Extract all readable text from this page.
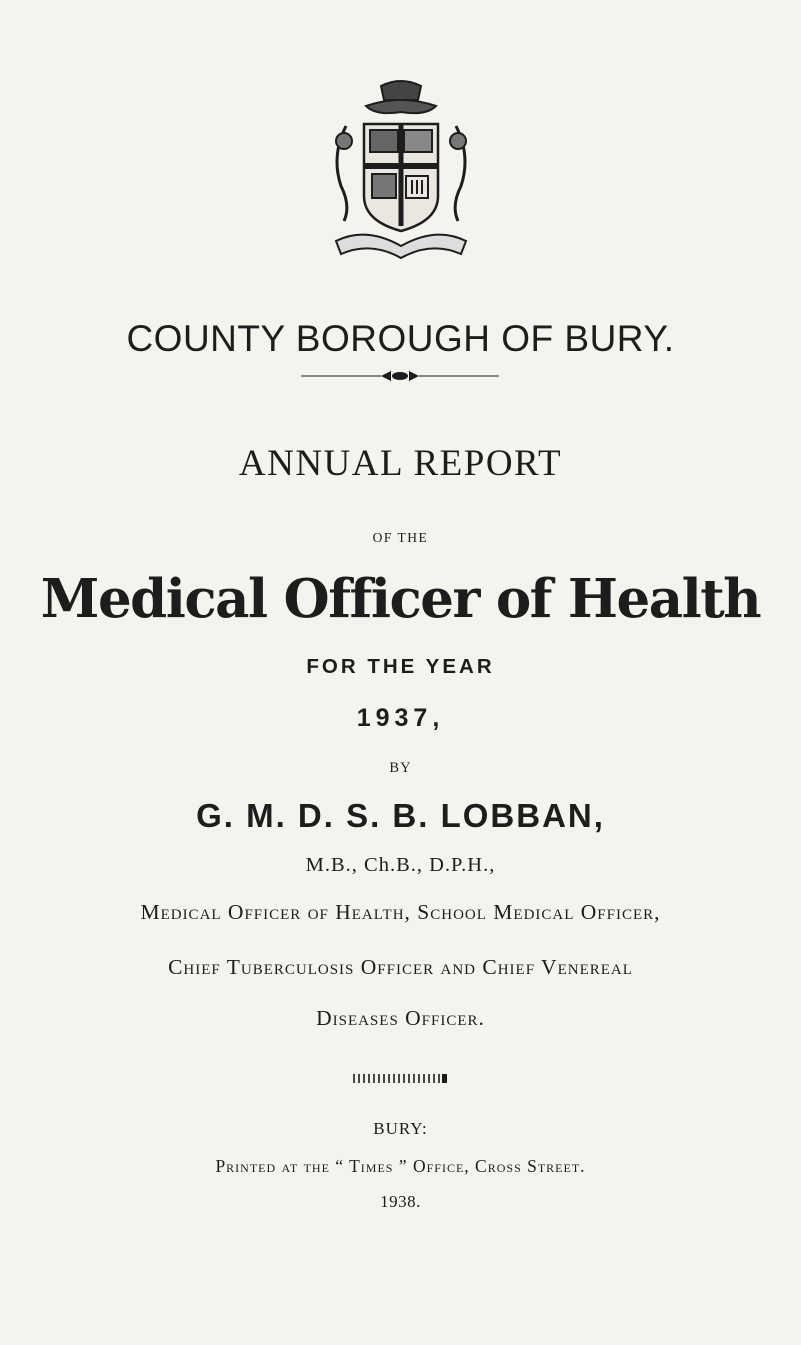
COUNTY BOROUGH OF BURY.
ANNUAL REPORT
OF THE
Medical Officer of Health
FOR THE YEAR
1937,
BY
G. M. D. S. B. LOBBAN,
M.B., Ch.B., D.P.H.,
Medical Officer of Health, School Medical Officer,
Chief Tuberculosis Officer and Chief Venereal
Diseases Officer.
BURY:
Printed at the “ Times ” Office, Cross Street.
1938.
